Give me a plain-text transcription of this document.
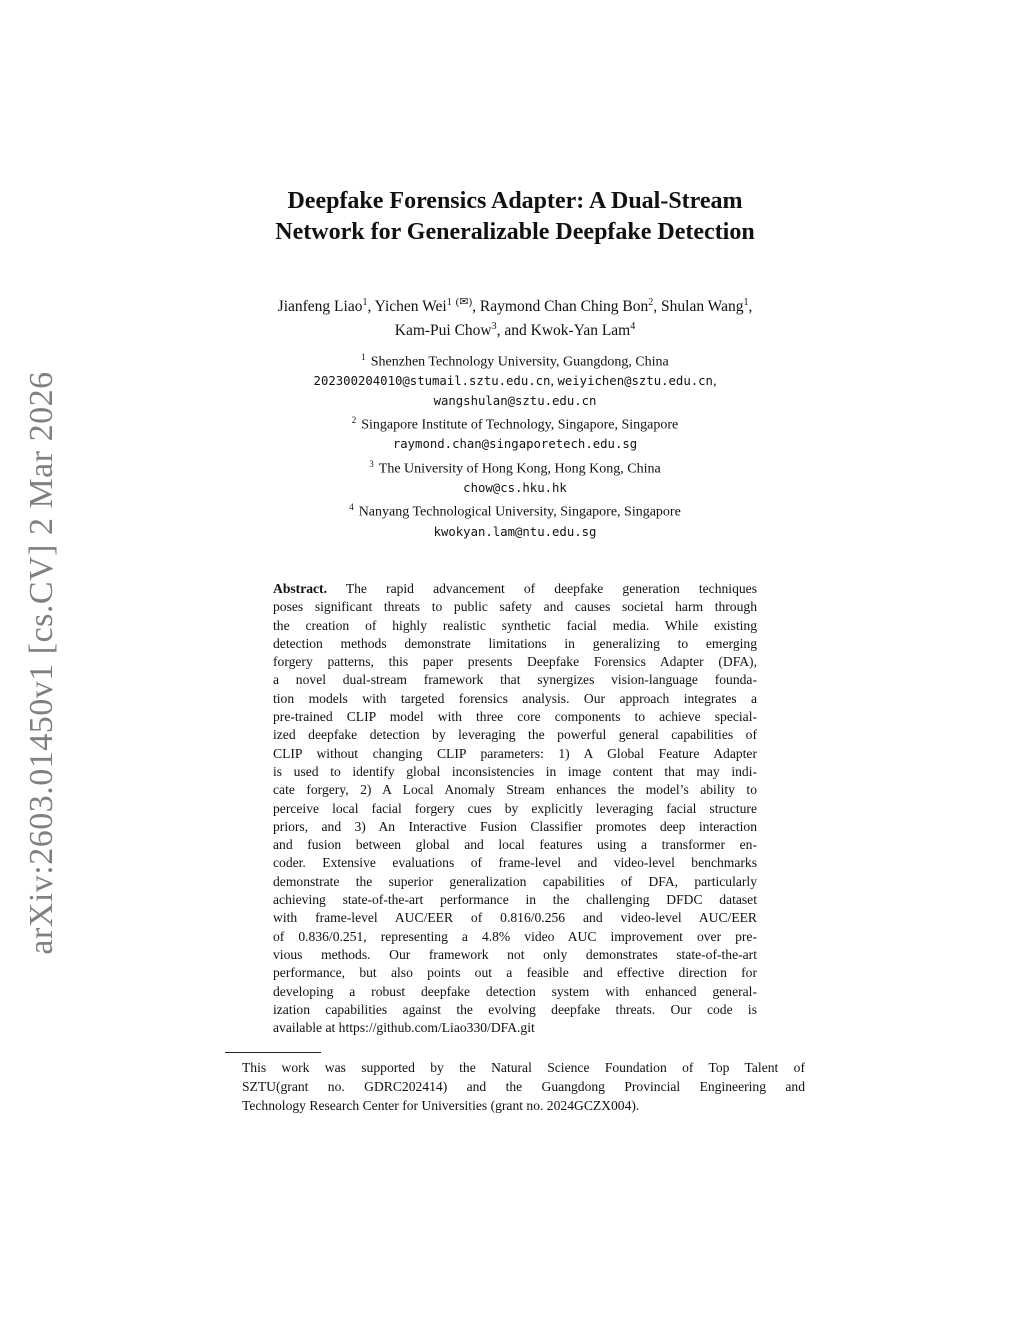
arXiv:2603.01450v1 [cs.CV] 2 Mar 2026
Deepfake Forensics Adapter: A Dual-Stream
Network for Generalizable Deepfake Detection
Jianfeng Liao$^1$, Yichen Wei$^1$ (✉), Raymond Chan Ching Bon$^2$, Shulan Wang$^1$,
Kam-Pui Chow$^3$, and Kwok-Yan Lam$^4$
$^1$ Shenzhen Technology University, Guangdong, China
202300204010@stumail.sztu.edu.cn, weiyichen@sztu.edu.cn,
wangshulan@sztu.edu.cn
$^2$ Singapore Institute of Technology, Singapore, Singapore
raymond.chan@singaporetech.edu.sg
$^3$ The University of Hong Kong, Hong Kong, China
chow@cs.hku.hk
$^4$ Nanyang Technological University, Singapore, Singapore
kwokyan.lam@ntu.edu.sg
Abstract. The rapid advancement of deepfake generation techniques
poses significant threats to public safety and causes societal harm through
the creation of highly realistic synthetic facial media. While existing
detection methods demonstrate limitations in generalizing to emerging
forgery patterns, this paper presents Deepfake Forensics Adapter (DFA),
a novel dual-stream framework that synergizes vision-language founda-
tion models with targeted forensics analysis. Our approach integrates a
pre-trained CLIP model with three core components to achieve special-
ized deepfake detection by leveraging the powerful general capabilities of
CLIP without changing CLIP parameters: 1) A Global Feature Adapter
is used to identify global inconsistencies in image content that may indi-
cate forgery, 2) A Local Anomaly Stream enhances the model’s ability to
perceive local facial forgery cues by explicitly leveraging facial structure
priors, and 3) An Interactive Fusion Classifier promotes deep interaction
and fusion between global and local features using a transformer en-
coder. Extensive evaluations of frame-level and video-level benchmarks
demonstrate the superior generalization capabilities of DFA, particularly
achieving state-of-the-art performance in the challenging DFDC dataset
with frame-level AUC/EER of 0.816/0.256 and video-level AUC/EER
of 0.836/0.251, representing a 4.8% video AUC improvement over pre-
vious methods. Our framework not only demonstrates state-of-the-art
performance, but also points out a feasible and effective direction for
developing a robust deepfake detection system with enhanced general-
ization capabilities against the evolving deepfake threats. Our code is
available at https://github.com/Liao330/DFA.git
This work was supported by the Natural Science Foundation of Top Talent of
SZTU(grant no. GDRC202414) and the Guangdong Provincial Engineering and
Technology Research Center for Universities (grant no. 2024GCZX004).
